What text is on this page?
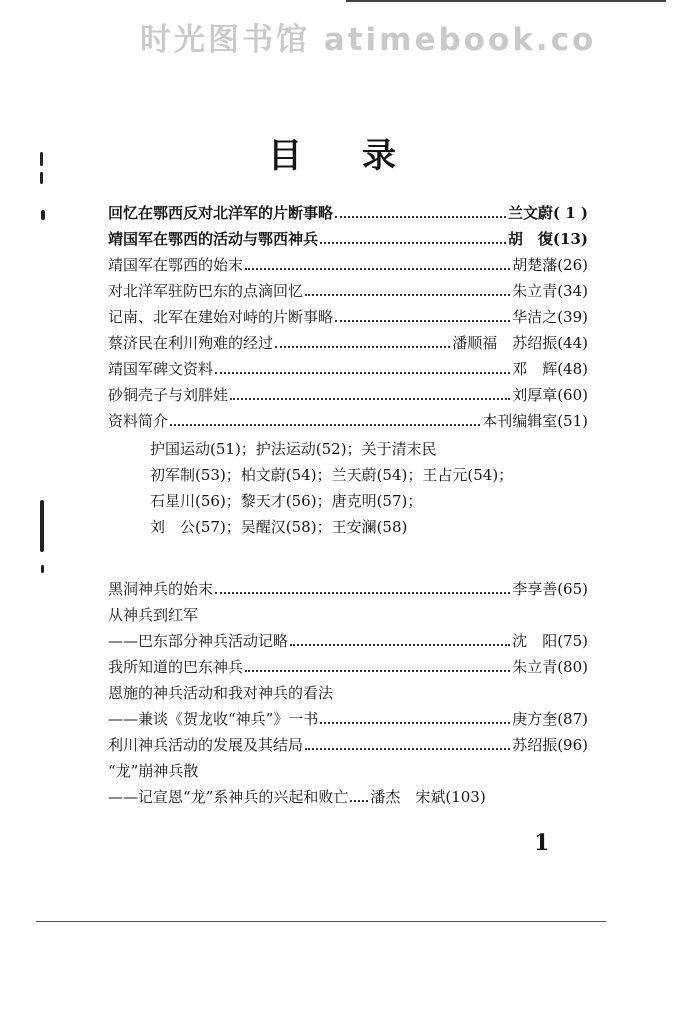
时光图书馆 atimebook.co
目录
回忆在鄂西反对北洋军的片断事略	兰文蔚 ( 1 )
靖国军在鄂西的活动与鄂西神兵	胡　復 (13)
靖国军在鄂西的始末	胡楚藩 (26)
对北洋军驻防巴东的点滴回忆	朱立青 (34)
记南、北军在建始对峙的片断事略	华洁之 (39)
蔡济民在利川殉难的经过	潘顺福　苏绍振 (44)
靖国军碑文资料	邓　辉 (48)
砂铜壳子与刘胖娃	刘厚章 (60)
资料简介	本刊编辑室 (51)
护国运动(51)；护法运动(52)；关于清末民
初军制(53)；柏文蔚(54)；兰天蔚(54)；王占元(54)；
石星川(56)；黎天才(56)；唐克明(57)；
刘　公(57)；吴醒汉(58)；王安澜(58)
黑洞神兵的始末	李享善 (65)
从神兵到红军
——巴东部分神兵活动记略	沈　阳 (75)
我所知道的巴东神兵	朱立青 (80)
恩施的神兵活动和我对神兵的看法
——兼谈《贺龙收“神兵”》一书	庚方奎 (87)
利川神兵活动的发展及其结局	苏绍振 (96)
“龙”崩神兵散
——记宣恩“龙”系神兵的兴起和败亡 潘杰　宋斌 (103)
1
